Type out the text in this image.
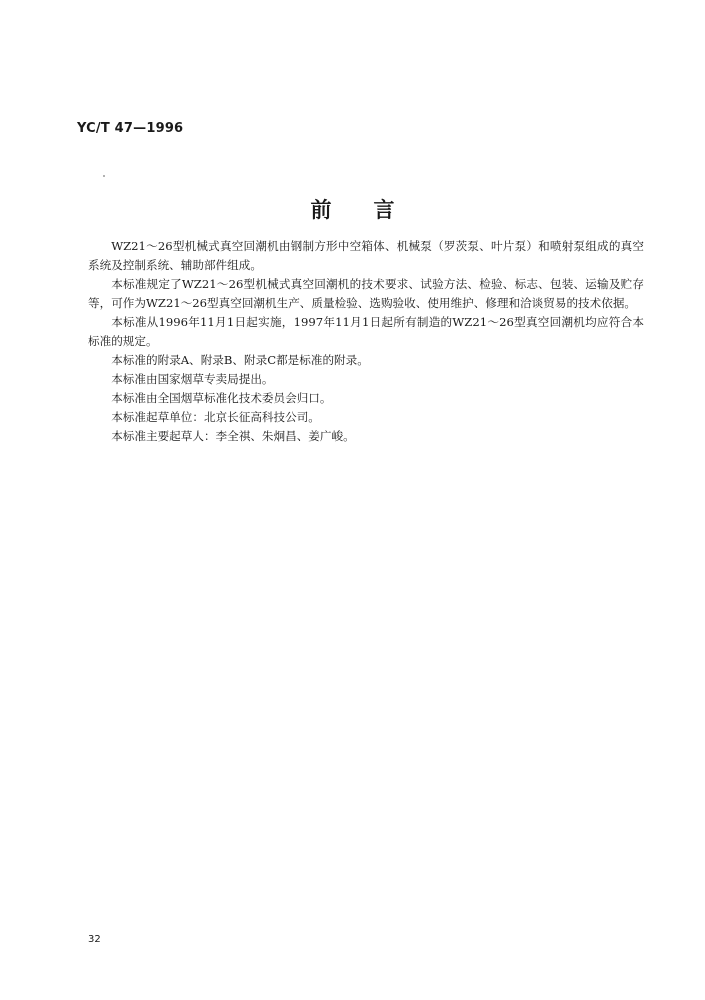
YC/T 47—1996
前言

WZ21～26型机械式真空回潮机由钢制方形中空箱体、机械泵（罗茨泵、叶片泵）和喷射泵组成的真空系统及控制系统、辅助部件组成。

本标准规定了WZ21～26型机械式真空回潮机的技术要求、试验方法、检验、标志、包装、运输及贮存等，可作为WZ21～26型真空回潮机生产、质量检验、选购验收、使用维护、修理和洽谈贸易的技术依据。

本标准从1996年11月1日起实施，1997年11月1日起所有制造的WZ21～26型真空回潮机均应符合本标准的规定。

本标准的附录A、附录B、附录C都是标准的附录。

本标准由国家烟草专卖局提出。

本标准由全国烟草标准化技术委员会归口。

本标准起草单位：北京长征高科技公司。

本标准主要起草人：李全祺、朱炯昌、姜广峻。

32
